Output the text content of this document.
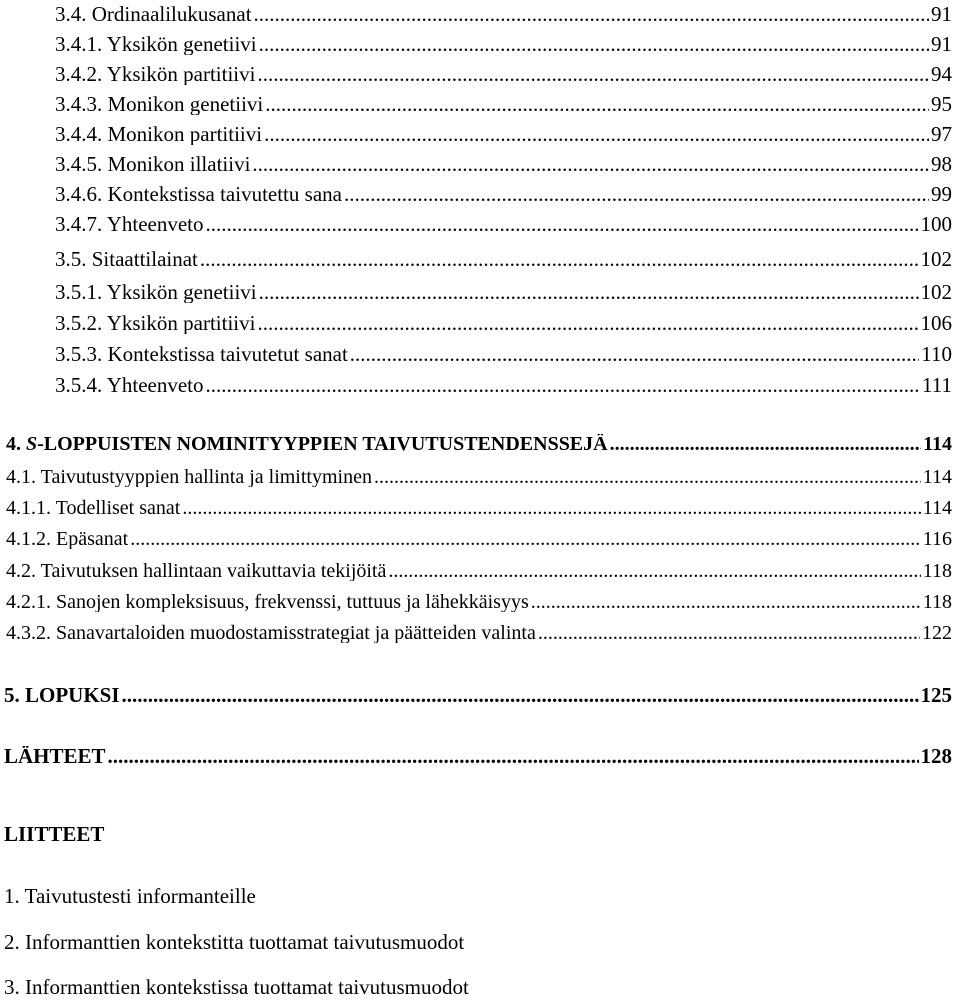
3.4. Ordinaalilukusanat .....	91
3.4.1. Yksikön genetiivi .....	91
3.4.2. Yksikön partitiivi .....	94
3.4.3. Monikon genetiivi .....	95
3.4.4. Monikon partitiivi .....	97
3.4.5. Monikon illatiivi .....	98
3.4.6. Kontekstissa taivutettu sana .....	99
3.4.7. Yhteenveto .....	100
3.5. Sitaattilainat .....	102
3.5.1. Yksikön genetiivi .....	102
3.5.2. Yksikön partitiivi .....	106
3.5.3. Kontekstissa taivutetut sanat .....	110
3.5.4. Yhteenveto .....	111
4. S-LOPPUISTEN NOMINITYYPPIEN TAIVUTUSTENDENSSEJÄ .....	114
4.1. Taivutustyyppien hallinta ja limittyminen .....	114
4.1.1. Todelliset sanat .....	114
4.1.2. Epäsanat .....	116
4.2. Taivutuksen hallintaan vaikuttavia tekijöitä .....	118
4.2.1. Sanojen kompleksisuus, frekvenssi, tuttuus ja lähekkäisyys .....	118
4.3.2. Sanavartaloiden muodostamisstrategiat ja päätteiden valinta .....	122
5. LOPUKSI .....	125
LÄHTEET .....	128
LIITTEET
1. Taivutustesti informanteille
2. Informanttien kontekstitta tuottamat taivutusmuodot
3. Informanttien kontekstissa tuottamat taivutusmuodot
